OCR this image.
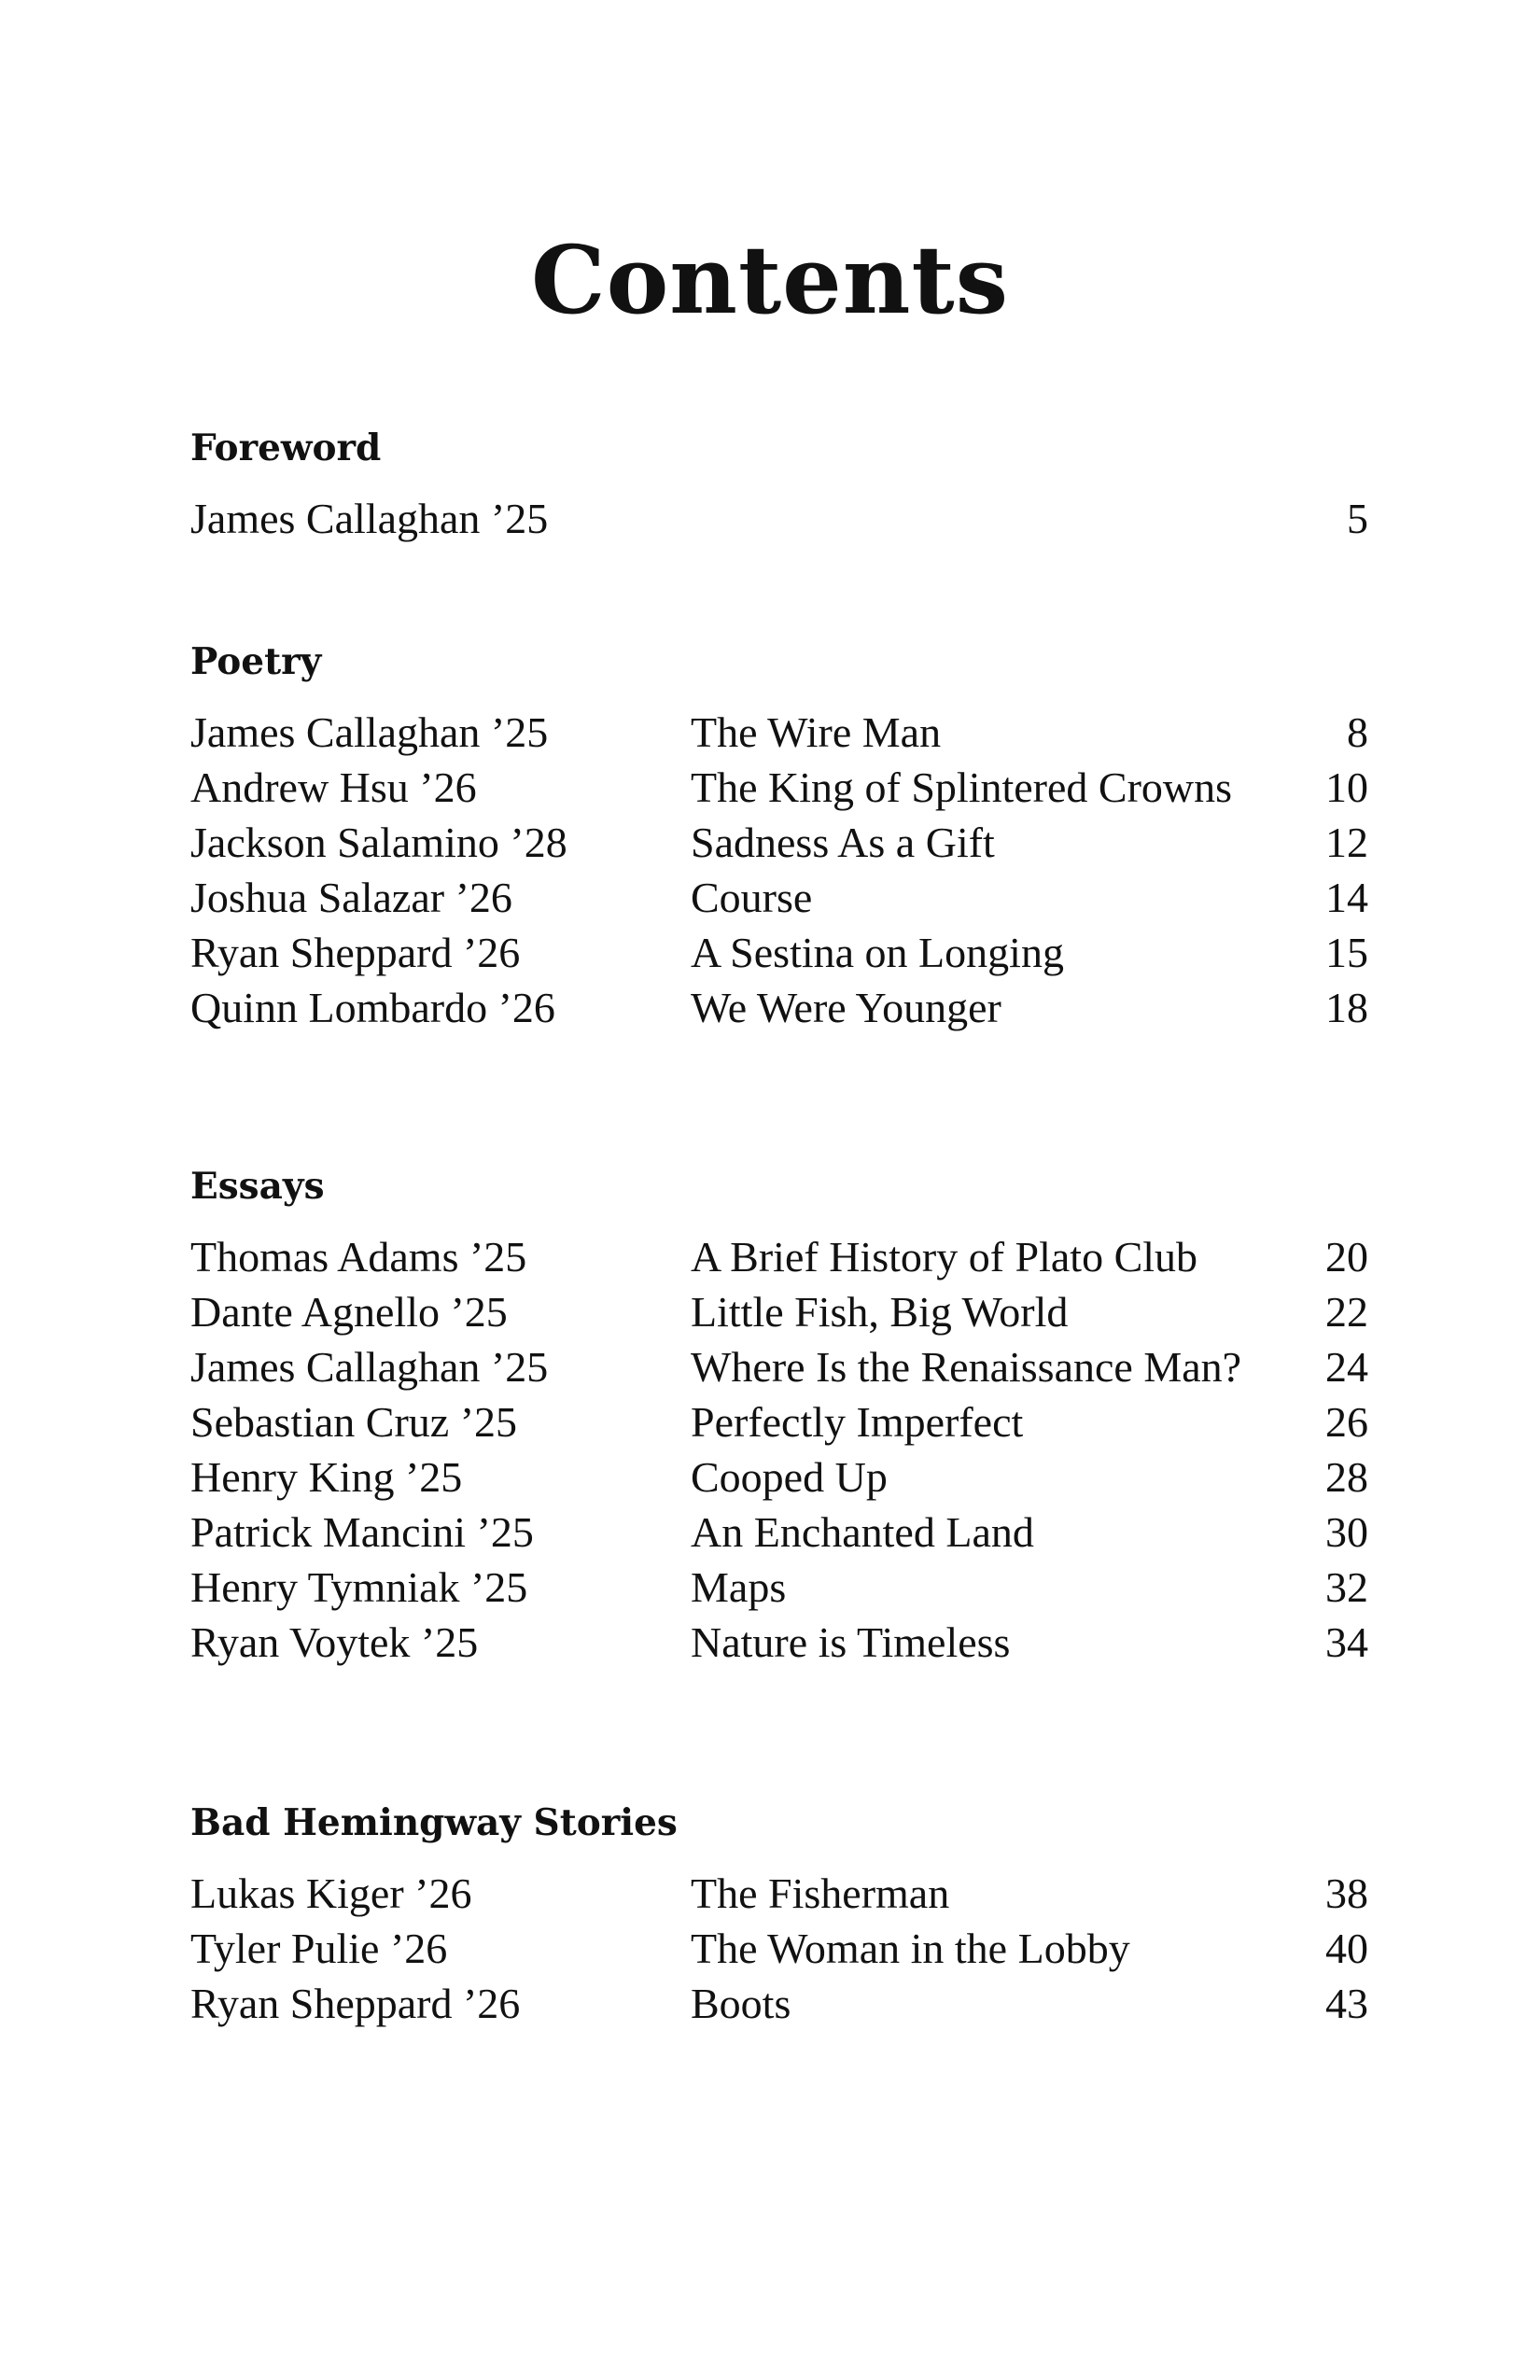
Contents
Foreword
James Callaghan ’25	5
Poetry
James Callaghan ’25	The Wire Man	8
Andrew Hsu ’26	The King of Splintered Crowns 10
Jackson Salamino ’28	Sadness As a Gift	12
Joshua Salazar ’26	Course	14
Ryan Sheppard ’26	A Sestina on Longing	15
Quinn Lombardo ’26	We Were Younger	18
Essays
Thomas Adams ’25	A Brief History of Plato Club	20
Dante Agnello ’25	Little Fish, Big World	22
James Callaghan ’25	Where Is the Renaissance Man? 24
Sebastian Cruz ’25	Perfectly Imperfect	26
Henry King ’25	Cooped Up	28
Patrick Mancini ’25	An Enchanted Land	30
Henry Tymniak ’25	Maps	32
Ryan Voytek ’25	Nature is Timeless	34
Bad Hemingway Stories
Lukas Kiger ’26	The Fisherman	38
Tyler Pulie ’26	The Woman in the Lobby	40
Ryan Sheppard ’26	Boots	43
